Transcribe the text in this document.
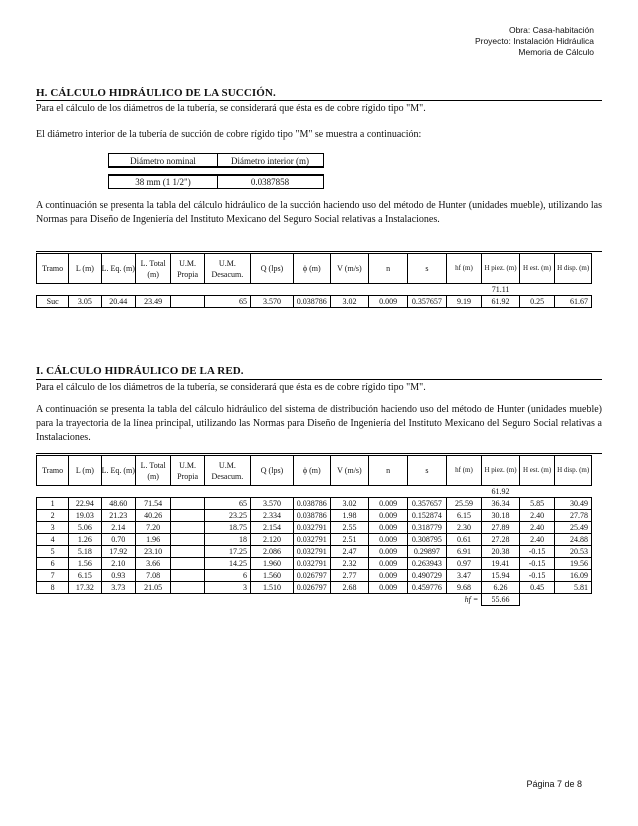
Obra: Casa-habitación
Proyecto: Instalación Hidráulica
Memoria de Cálculo
H. CÁLCULO HIDRÁULICO DE LA SUCCIÓN.
Para el cálculo de los diámetros de la tubería, se considerará que ésta es de cobre rígido tipo "M".
El diámetro interior de la tubería de succión de cobre rígido tipo "M" se muestra a continuación:
Diámetro nominal	Diámetro interior (m)
38 mm (1 1/2")	0.0387858
A continuación se presenta la tabla del cálculo hidráulico de la succión haciendo uso del método de Hunter (unidades mueble), utilizando las Normas para Diseño de Ingeniería del Instituto Mexicano del Seguro Social relativas a Instalaciones.
Tramo	L (m)	L. Eq. (m)	L. Total (m)	U.M. Propia	U.M. Desacum.	Q (lps)	ϕ (m)	V (m/s)	n	s	hf (m)	H piez. (m)	H est. (m)	H disp. (m)
												71.11		
Suc	3.05	20.44	23.49		65	3.570	0.038786	3.02	0.009	0.357657	9.19	61.92	0.25	61.67
I. CÁLCULO HIDRÁULICO DE LA RED.
Para el cálculo de los diámetros de la tubería, se considerará que ésta es de cobre rígido tipo "M".
A continuación se presenta la tabla del cálculo hidráulico del sistema de distribución haciendo uso del método de Hunter (unidades mueble) para la trayectoria de la línea principal, utilizando las Normas para Diseño de Ingeniería del Instituto Mexicano del Seguro Social relativas a Instalaciones.
Tramo	L (m)	L. Eq. (m)	L. Total (m)	U.M. Propia	U.M. Desacum.	Q (lps)	ϕ (m)	V (m/s)	n	s	hf (m)	H piez. (m)	H est. (m)	H disp. (m)
												61.92		
1	22.94	48.60	71.54		65	3.570	0.038786	3.02	0.009	0.357657	25.59	36.34	5.85	30.49
2	19.03	21.23	40.26		23.25	2.334	0.038786	1.98	0.009	0.152874	6.15	30.18	2.40	27.78
3	5.06	2.14	7.20		18.75	2.154	0.032791	2.55	0.009	0.318779	2.30	27.89	2.40	25.49
4	1.26	0.70	1.96		18	2.120	0.032791	2.51	0.009	0.308795	0.61	27.28	2.40	24.88
5	5.18	17.92	23.10		17.25	2.086	0.032791	2.47	0.009	0.29897	6.91	20.38	-0.15	20.53
6	1.56	2.10	3.66		14.25	1.960	0.032791	2.32	0.009	0.263943	0.97	19.41	-0.15	19.56
7	6.15	0.93	7.08		6	1.560	0.026797	2.77	0.009	0.490729	3.47	15.94	-0.15	16.09
8	17.32	3.73	21.05		3	1.510	0.026797	2.68	0.009	0.459776	9.68	6.26	0.45	5.81
											hf =	55.66		
Página 7 de 8
